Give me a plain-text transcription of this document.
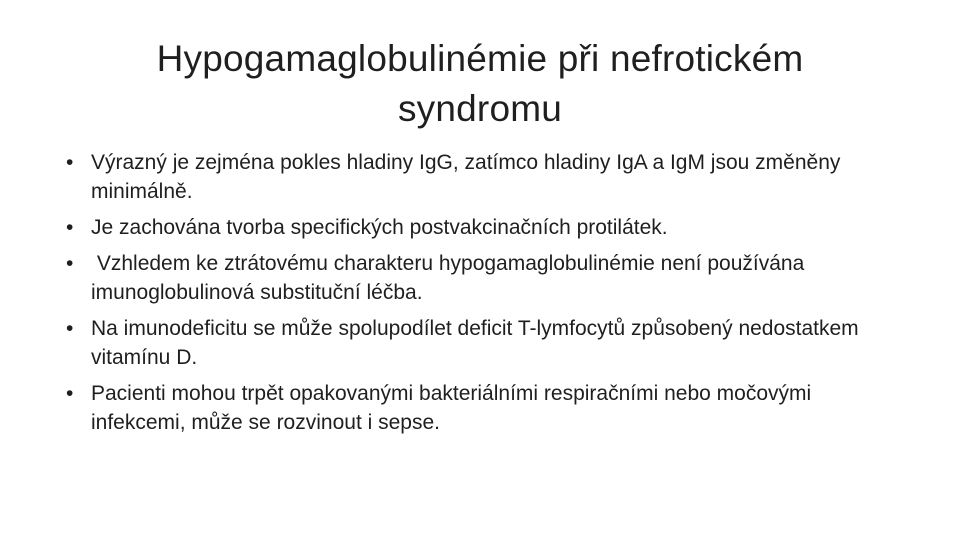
Hypogamaglobulinémie při nefrotickém syndromu
• Výrazný je zejména pokles hladiny IgG, zatímco hladiny IgA a IgM jsou změněny minimálně.
• Je zachována tvorba specifických postvakcinačních protilátek.
• Vzhledem ke ztrátovému charakteru hypogamaglobulinémie není používána imunoglobulinová substituční léčba.
• Na imunodeficitu se může spolupodílet deficit T-lymfocytů způsobený nedostatkem vitamínu D.
• Pacienti mohou trpět opakovanými bakteriálními respiračními nebo močovými infekcemi, může se rozvinout i sepse.
